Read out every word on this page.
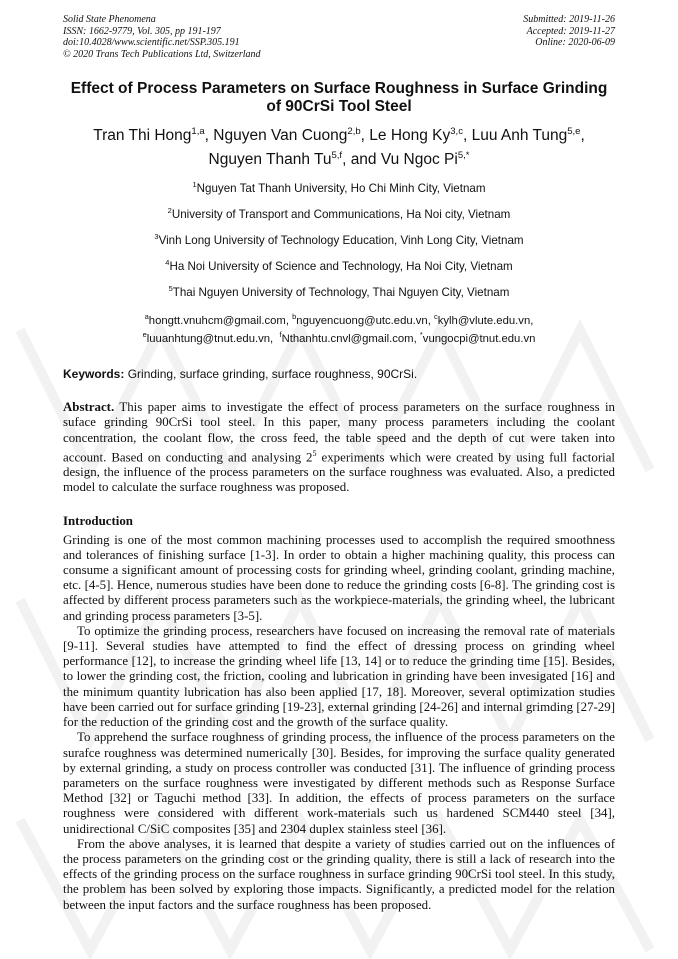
Solid State Phenomena
ISSN: 1662-9779, Vol. 305, pp 191-197
doi:10.4028/www.scientific.net/SSP.305.191
© 2020 Trans Tech Publications Ltd, Switzerland
Submitted: 2019-11-26
Accepted: 2019-11-27
Online: 2020-06-09
Effect of Process Parameters on Surface Roughness in Surface Grinding
of 90CrSi Tool Steel
Tran Thi Hong$^{1,a}$, Nguyen Van Cuong$^{2,b}$, Le Hong Ky$^{3,c}$, Luu Anh Tung$^{5,e}$,
Nguyen Thanh Tu$^{5,f}$, and Vu Ngoc $Pi^{5,*}$
$^1$Nguyen Tat Thanh University, Ho Chi Minh City, Vietnam
$^2$University of Transport and Communications, Ha Noi city, Vietnam
$^3$Vinh Long University of Technology Education, Vinh Long City, Vietnam
$^4$Ha Noi University of Science and Technology, Ha Noi City, Vietnam
$^5$Thai Nguyen University of Technology, Thai Nguyen City, Vietnam
$^a$hongtt.vnuhcm@gmail.com, $^b$nguyencuong@utc.edu.vn, $^c$kylh@vlute.edu.vn,
$^e$luuanhtung@tnut.edu.vn,  $^f$Nthanhtu.cnvl@gmail.com, *vungocpi@tnut.edu.vn
Keywords: Grinding, surface grinding, surface roughness, 90CrSi.
Abstract. This paper aims to investigate the effect of process parameters on the surface roughness in suface grinding 90CrSi tool steel. In this paper, many process parameters including the coolant concentration, the coolant flow, the cross feed, the table speed and the depth of cut were taken into account. Based on conducting and analysing $2^5$ experiments which were created by using full factorial design, the influence of the process parameters on the surface roughness was evaluated. Also, a predicted model to calculate the surface roughness was proposed.
Introduction

Grinding is one of the most common machining processes used to accomplish the required smoothness and tolerances of finishing surface [1-3]. In order to obtain a higher machining quality, this process can consume a significant amount of processing costs for grinding wheel, grinding coolant, grinding machine, etc. [4-5]. Hence, numerous studies have been done to reduce the grinding costs [6-8]. The grinding cost is affected by different process parameters such as the workpiece-materials, the grinding wheel, the lubricant and grinding process parameters [3-5].

To optimize the grinding process, researchers have focused on increasing the removal rate of materials [9-11]. Several studies have attempted to find the effect of dressing process on grinding wheel performance [12], to increase the grinding wheel life [13, 14] or to reduce the grinding time [15]. Besides, to lower the grinding cost, the friction, cooling and lubrication in grinding have been invesigated [16] and the minimum quantity lubrication has also been applied [17, 18]. Moreover, several optimization studies have been carried out for surface grinding [19-23], external grinding [24-26] and internal grimding [27-29] for the reduction of the grinding cost and the growth of the surface quality.

To apprehend the surface roughness of grinding process, the influence of the process parameters on the surafce roughness was determined numerically [30]. Besides, for improving the surface quality generated by external grinding, a study on process controller was conducted [31]. The influence of grinding process parameters on the surface roughness were investigated by different methods such as Response Surface Method [32] or Taguchi method [33]. In addition, the effects of process parameters on the surface roughness were considered with different work-materials such us hardened SCM440 steel [34], unidirectional C/SiC composites [35] and 2304 duplex stainless steel [36].

From the above analyses, it is learned that despite a variety of studies carried out on the influences of the process parameters on the grinding cost or the grinding quality, there is still a lack of research into the effects of the grinding process on the surface roughness in surface grinding 90CrSi tool steel. In this study, the problem has been solved by exploring those impacts. Significantly, a predicted model for the relation between the input factors and the surface roughness has been proposed.
